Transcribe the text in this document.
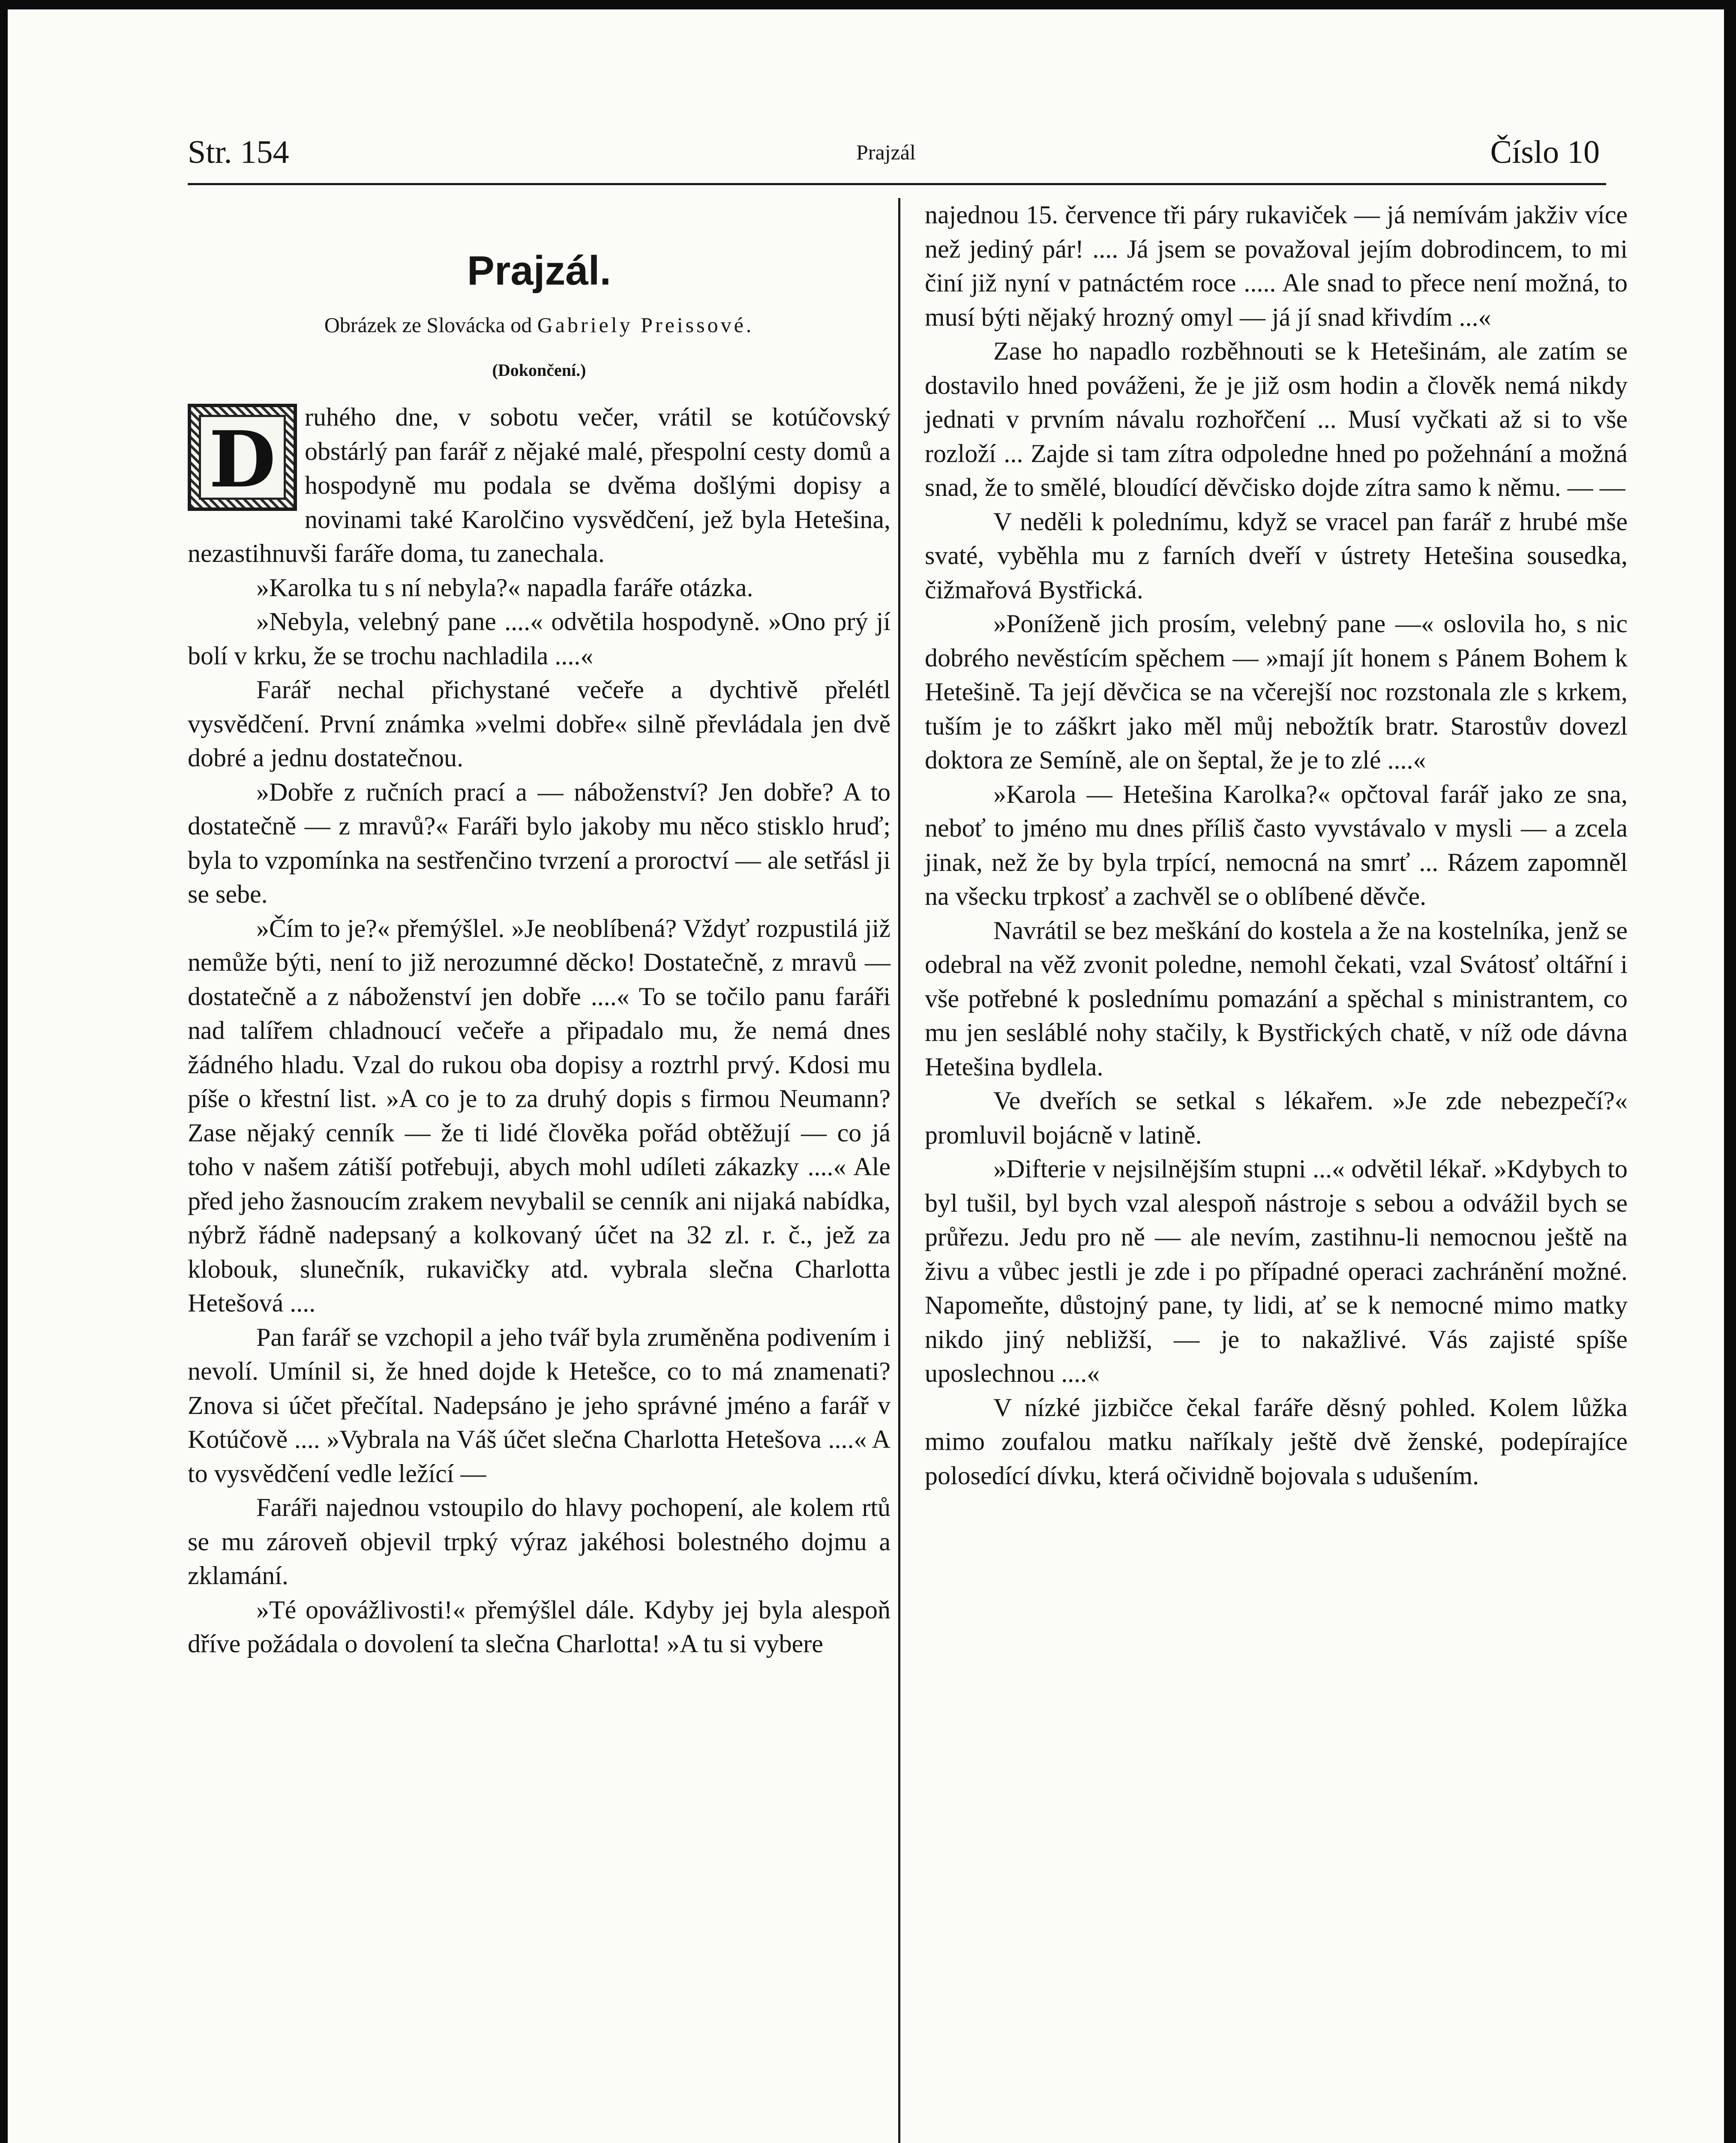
Str. 154	Prajzál	Číslo 10
Prajzál.
Obrázek ze Slovácka od Gabriely Preissové.
(Dokončení.)

D	ruhého dne, v sobotu večer, vrátil se kotúčovský obstárlý pan farář z nějaké malé, přespolní cesty domů a hospodyně mu podala se dvěma došlými dopisy a novinami také Karolčino vysvědčení, jež byla Hetešina, nezastihnuvši faráře doma, tu zanechala.

»Karolka tu s ní nebyla?« napadla faráře otázka.

»Nebyla, velebný pane ....« odvětila hospodyně. »Ono prý jí bolí v krku, že se trochu nachladila ....«

Farář nechal přichystané večeře a dychtivě přelétl vysvědčení. První známka »velmi dobře« silně převládala jen dvě dobré a jednu dostatečnou.

»Dobře z ručních prací a — náboženství? Jen dobře? A to dostatečně — z mravů?« Faráři bylo jakoby mu něco stisklo hruď; byla to vzpomínka na sestřenčino tvrzení a proroctví — ale setřásl ji se sebe.

»Čím to je?« přemýšlel. »Je neoblíbená? Vždyť rozpustilá již nemůže býti, není to již nerozumné děcko! Dostatečně, z mravů — dostatečně a z náboženství jen dobře ....« To se točilo panu faráři nad talířem chladnoucí večeře a připadalo mu, že nemá dnes žádného hladu. Vzal do rukou oba dopisy a roztrhl prvý. Kdosi mu píše o křestní list. »A co je to za druhý dopis s firmou Neumann? Zase nějaký cenník — že ti lidé člověka pořád obtěžují — co já toho v našem zátiší potřebuji, abych mohl udíleti zákazky ....« Ale před jeho žasnoucím zrakem nevybalil se cenník ani nijaká nabídka, nýbrž řádně nadepsaný a kolkovaný účet na 32 zl. r. č., jež za klobouk, slunečník, rukavičky atd. vybrala slečna Charlotta Hetešová ....

Pan farář se vzchopil a jeho tvář byla zruměněna podivením i nevolí. Umínil si, že hned dojde k Hetešce, co to má znamenati? Znova si účet přečítal. Nadepsáno je jeho správné jméno a farář v Kotúčově .... »Vybrala na Váš účet slečna Charlotta Hetešova ....« A to vysvědčení vedle ležící —

Faráři najednou vstoupilo do hlavy pochopení, ale kolem rtů se mu zároveň objevil trpký výraz jakéhosi bolestného dojmu a zklamání.

»Té opovážlivosti!« přemýšlel dále. Kdyby jej byla alespoň dříve požádala o dovolení ta slečna Charlotta! »A tu si vybere

najednou 15. července tři páry rukaviček — já nemívám jakživ více než jediný pár! .... Já jsem se považoval jejím dobrodincem, to mi činí již nyní v patnáctém roce ..... Ale snad to přece není možná, to musí býti nějaký hrozný omyl — já jí snad křivdím ...«

Zase ho napadlo rozběhnouti se k Hetešinám, ale zatím se dostavilo hned pováženi, že je již osm hodin a člověk nemá nikdy jednati v prvním návalu rozhořčení ... Musí vyčkati až si to vše rozloží ... Zajde si tam zítra odpoledne hned po požehnání a možná snad, že to smělé, bloudící děvčisko dojde zítra samo k němu. — —

V neděli k polednímu, když se vracel pan farář z hrubé mše svaté, vyběhla mu z farních dveří v ústrety Hetešina sousedka, čižmařová Bystřická.

»Poníženě jich prosím, velebný pane —« oslovila ho, s nic dobrého nevěstícím spěchem — »mají jít honem s Pánem Bohem k Hetešině. Ta její děvčica se na včerejší noc rozstonala zle s krkem, tuším je to záškrt jako měl můj nebožtík bratr. Starostův dovezl doktora ze Semíně, ale on šeptal, že je to zlé ....«

»Karola — Hetešina Karolka?« opčtoval farář jako ze sna, neboť to jméno mu dnes příliš často vyvstávalo v mysli — a zcela jinak, než že by byla trpící, nemocná na smrť ... Rázem zapomněl na všecku trpkosť a zachvěl se o oblíbené děvče.

Navrátil se bez meškání do kostela a že na kostelníka, jenž se odebral na věž zvonit poledne, nemohl čekati, vzal Svátosť oltářní i vše potřebné k poslednímu pomazání a spěchal s ministrantem, co mu jen sesláblé nohy stačily, k Bystřických chatě, v níž ode dávna Hetešina bydlela.

Ve dveřích se setkal s lékařem. »Je zde nebezpečí?« promluvil bojácně v latině.

»Difterie v nejsilnějším stupni ...« odvětil lékař. »Kdybych to byl tušil, byl bych vzal alespoň nástroje s sebou a odvážil bych se průřezu. Jedu pro ně — ale nevím, zastihnu-li nemocnou ještě na živu a vůbec jestli je zde i po případné operaci zachránění možné. Napomeňte, důstojný pane, ty lidi, ať se k nemocné mimo matky nikdo jiný nebližší, — je to nakažlivé. Vás zajisté spíše uposlechnou ....«

V nízké jizbičce čekal faráře děsný pohled. Kolem lůžka mimo zoufalou matku naříkaly ještě dvě ženské, podepírajíce polosedící dívku, která očividně bojovala s udušením.
